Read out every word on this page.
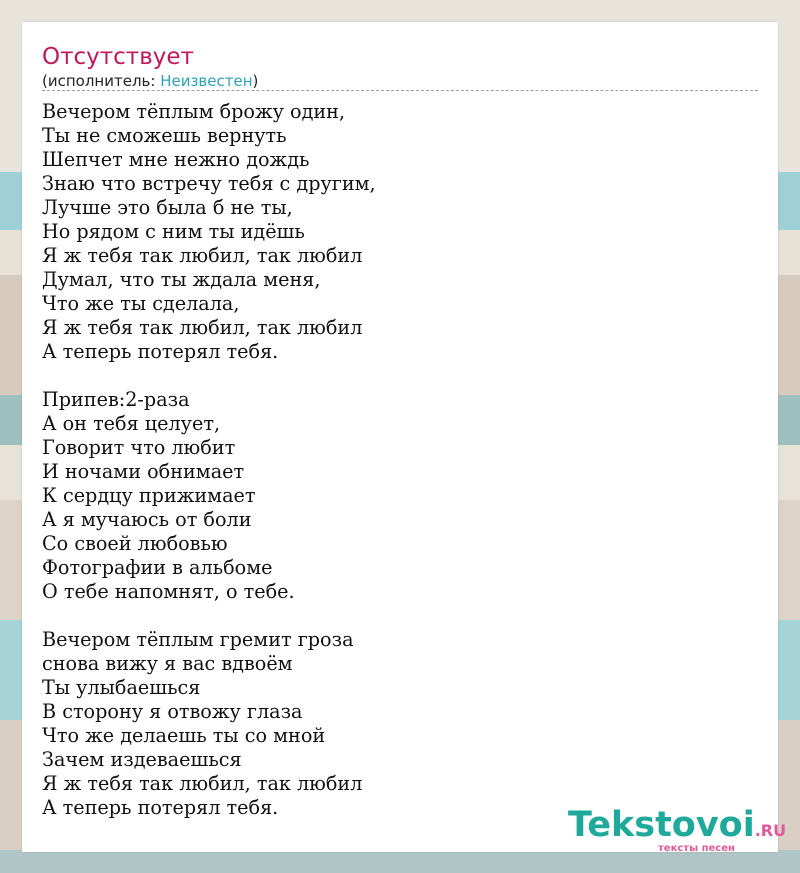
Отсутствует
(исполнитель: Неизвестен)
Вечером тёплым брожу один,
Ты не сможешь вернуть
Шепчет мне нежно дождь
Знаю что встречу тебя с другим,
Лучше это была б не ты,
Но рядом с ним ты идёшь
Я ж тебя так любил, так любил
Думал, что ты ждала меня,
Что же ты сделала,
Я ж тебя так любил, так любил
А теперь потерял тебя.
Припев:2-раза
А он тебя целует,
Говорит что любит
И ночами обнимает
К сердцу прижимает
А я мучаюсь от боли
Со своей любовью
Фотографии в альбоме
О тебе напомнят, о тебе.
Вечером тёплым гремит гроза
снова вижу я вас вдвоём
Ты улыбаешься
В сторону я отвожу глаза
Что же делаешь ты со мной
Зачем издеваешься
Я ж тебя так любил, так любил
А теперь потерял тебя.	Tekstovoi.RU
тексты песен
